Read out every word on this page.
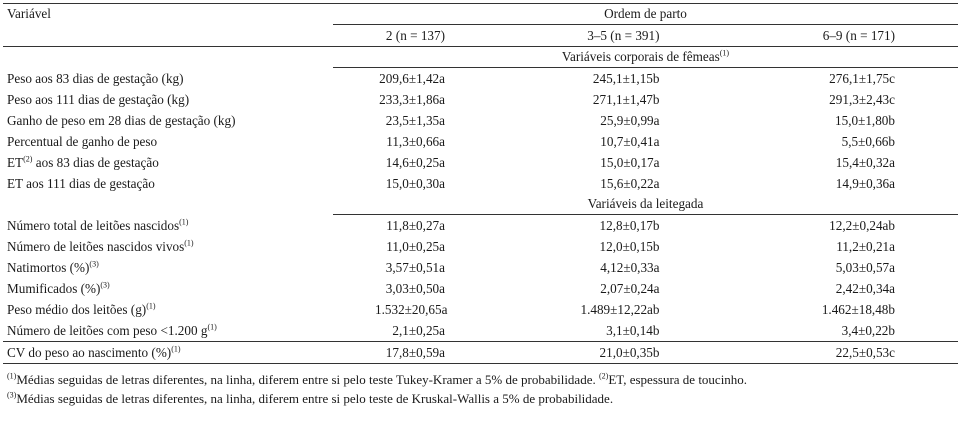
Variável	Ordem de parto		
	2 (n = 137)	3–5 (n = 391)	6–9 (n = 171)
	Variáveis corporais de fêmeas$^{(1)}$
Peso aos 83 dias de gestação (kg)	209,6±1,42a	245,1±1,15b	276,1±1,75c
Peso aos 111 dias de gestação (kg)	233,3±1,86a	271,1±1,47b	291,3±2,43c
Ganho de peso em 28 dias de gestação (kg)	23,5±1,35a	25,9±0,99a	15,0±1,80b
Percentual de ganho de peso	11,3±0,66a	10,7±0,41a	5,5±0,66b
ET$^{(2)}$ aos 83 dias de gestação	14,6±0,25a	15,0±0,17a	15,4±0,32a
ET aos 111 dias de gestação	15,0±0,30a	15,6±0,22a	14,9±0,36a
	Variáveis da leitegada		
Número total de leitões nascidos$^{(1)}$	11,8±0,27a	12,8±0,17b	12,2±0,24ab
Número de leitões nascidos vivos$^{(1)}$	11,0±0,25a	12,0±0,15b	11,2±0,21a
Natimortos (%)$^{(3)}$	3,57±0,51a	4,12±0,33a	5,03±0,57a
Mumificados (%)$^{(3)}$	3,03±0,50a	2,07±0,24a	2,42±0,34a
Peso médio dos leitões $(g)^{(1)}$	1.532±20,65a	1.489±12,22ab	1.462±18,48b
Número de leitões com peso <1.200 $g^{(1)}$	2,1±0,25a	3,1±0,14b	3,4±0,22b
CV do peso ao nascimento (%)$^{(1)}$	17,8±0,59a	21,0±0,35b	22,5±0,53c
$^{(1)}$Médias seguidas de letras diferentes, na linha, diferem entre si pelo teste Tukey-Kramer a 5% de probabilidade. $^{(2)}$ET, espessura de toucinho.
$^{(3)}$Médias seguidas de letras diferentes, na linha, diferem entre si pelo teste de Kruskal-Wallis a 5% de probabilidade.
